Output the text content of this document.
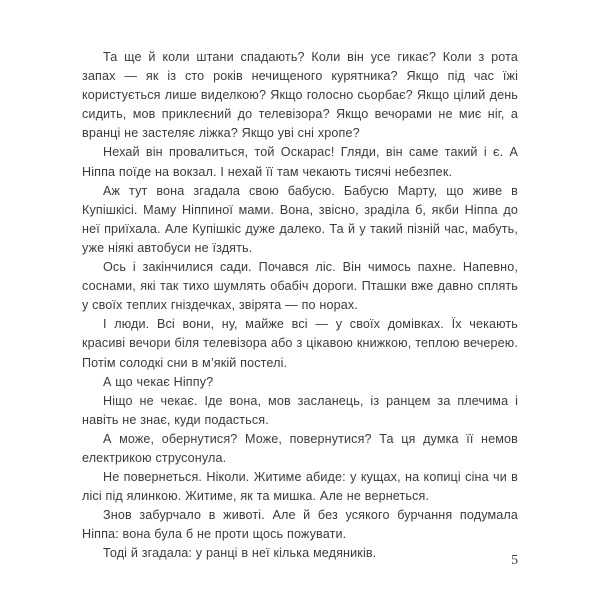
Та ще й коли штани спадають? Коли він усе гикає? Коли з рота запах — як із сто років нечищеного курятника? Якщо під час їжі користується лише виделкою? Якщо голосно сьорбає? Якщо цілий день сидить, мов приклеєний до телевізора? Якщо вечорами не миє ніг, а вранці не застеляє ліжка? Якщо уві сні хропе?

Нехай він провалиться, той Оскарас! Гляди, він саме такий і є. А Ніппа поїде на вокзал. І нехай її там чекають тисячі небезпек.

Аж тут вона згадала свою бабусю. Бабусю Марту, що живе в Купішкісі. Маму Ніппиної мами. Вона, звісно, зраділа б, якби Ніппа до неї приїхала. Але Купішкіс дуже далеко. Та й у такий пізній час, мабуть, уже ніякі автобуси не їздять.

Ось і закінчилися сади. Почався ліс. Він чимось пахне. Напевно, соснами, які так тихо шумлять обабіч дороги. Пташки вже давно сплять у своїх теплих гніздечках, звірята — по норах.

І люди. Всі вони, ну, майже всі — у своїх домівках. Їх чекають красиві вечори біля телевізора або з цікавою книжкою, теплою вечерею. Потім солодкі сни в м’якій постелі.

А що чекає Ніппу?

Ніщо не чекає. Іде вона, мов засланець, із ранцем за плечима і навіть не знає, куди подасться.

А може, обернутися? Може, повернутися? Та ця думка її немов електрикою струсонула.

Не повернеться. Ніколи. Житиме абиде: у кущах, на копиці сіна чи в лісі під ялинкою. Житиме, як та мишка. Але не вернеться.

Знов забурчало в животі. Але й без усякого бурчання подумала Ніппа: вона була б не проти щось пожувати.

Тоді й згадала: у ранці в неї кілька медяників.	5
